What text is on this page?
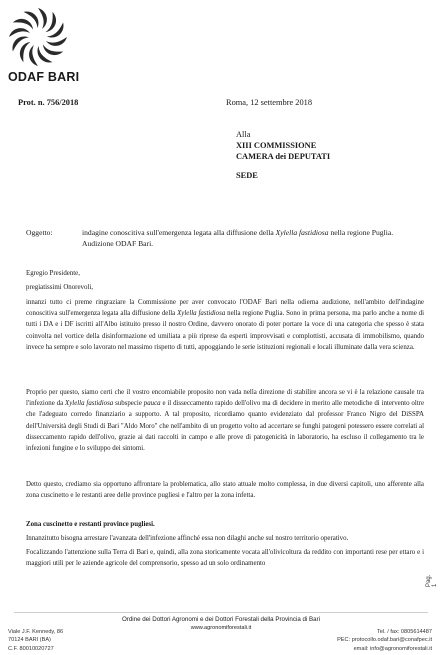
ODAF BARI
Prot. n. 756/2018	Roma, 12 settembre 2018
Alla
XIII COMMISSIONE
CAMERA dei DEPUTATI
SEDE
Oggetto:	indagine conoscitiva sull'emergenza legata alla diffusione della Xylella fastidiosa nella regione Puglia. Audizione ODAF Bari.
Egregio Presidente,
pregiatissimi Onorevoli,

innanzi tutto ci preme ringraziare la Commissione per aver convocato l'ODAF Bari nella odierna audizione, nell'ambito dell'indagine conoscitiva sull'emergenza legata alla diffusione della Xylella fastidiosa nella regione Puglia. Sono in prima persona, ma parlo anche a nome di tutti i DA e i DF iscritti all'Albo istituito presso il nostro Ordine, davvero onorato di poter portare la voce di una categoria che spesso è stata coinvolta nel vortice della disinformazione ed umiliata a più riprese da esperti improvvisati e complottisti, accusata di immobilismo, quando invece ha sempre e solo lavorato nel massimo rispetto di tutti, appoggiando le serie istituzioni regionali e locali illuminate dalla vera scienza.

Proprio per questo, siamo certi che il vostro encomiabile proposito non vada nella direzione di stabilire ancora se vi è la relazione causale tra l'infezione da Xylella fastidiosa subspecie pauca e il disseccamento rapido dell'olivo ma di decidere in merito alle metodiche di intervento oltre che l'adeguato corredo finanziario a supporto. A tal proposito, ricordiamo quanto evidenziato dal professor Franco Nigro del DiSSPA dell'Università degli Studi di Bari "Aldo Moro" che nell'ambito di un progetto volto ad accertare se funghi patogeni potessero essere correlati al disseccamento rapido dell'olivo, grazie ai dati raccolti in campo e alle prove di patogenicità in laboratorio, ha escluso il collegamento tra le infezioni fungine e lo sviluppo dei sintomi.

Detto questo, crediamo sia opportuno affrontare la problematica, allo stato attuale molto complessa, in due diversi capitoli, uno afferente alla zona cuscinetto e le restanti aree delle province pugliesi e l'altro per la zona infetta.
Zona cuscinetto e restanti province pugliesi.
Innanzitutto bisogna arrestare l'avanzata dell'infezione affinché essa non dilaghi anche sul nostro territorio operativo.
Focalizzando l'attenzione sulla Terra di Bari e, quindi, alla zona storicamente vocata all'olivicoltura da reddito con importanti rese per ettaro e i maggiori utili per le aziende agricole del comprensorio, spesso ad un solo ordinamento
Pag. 1
Ordine dei Dottori Agronomi e dei Dottori Forestali della Provincia di Bari
www.agronomiforestali.it
Viale J.F. Kennedy, 86
70124 BARI (BA)
C.F. 80010020727
Tel. / fax: 0805614487
PEC: protocollo.odaf.bari@conafpec.it
email: info@agronomiforestali.it
